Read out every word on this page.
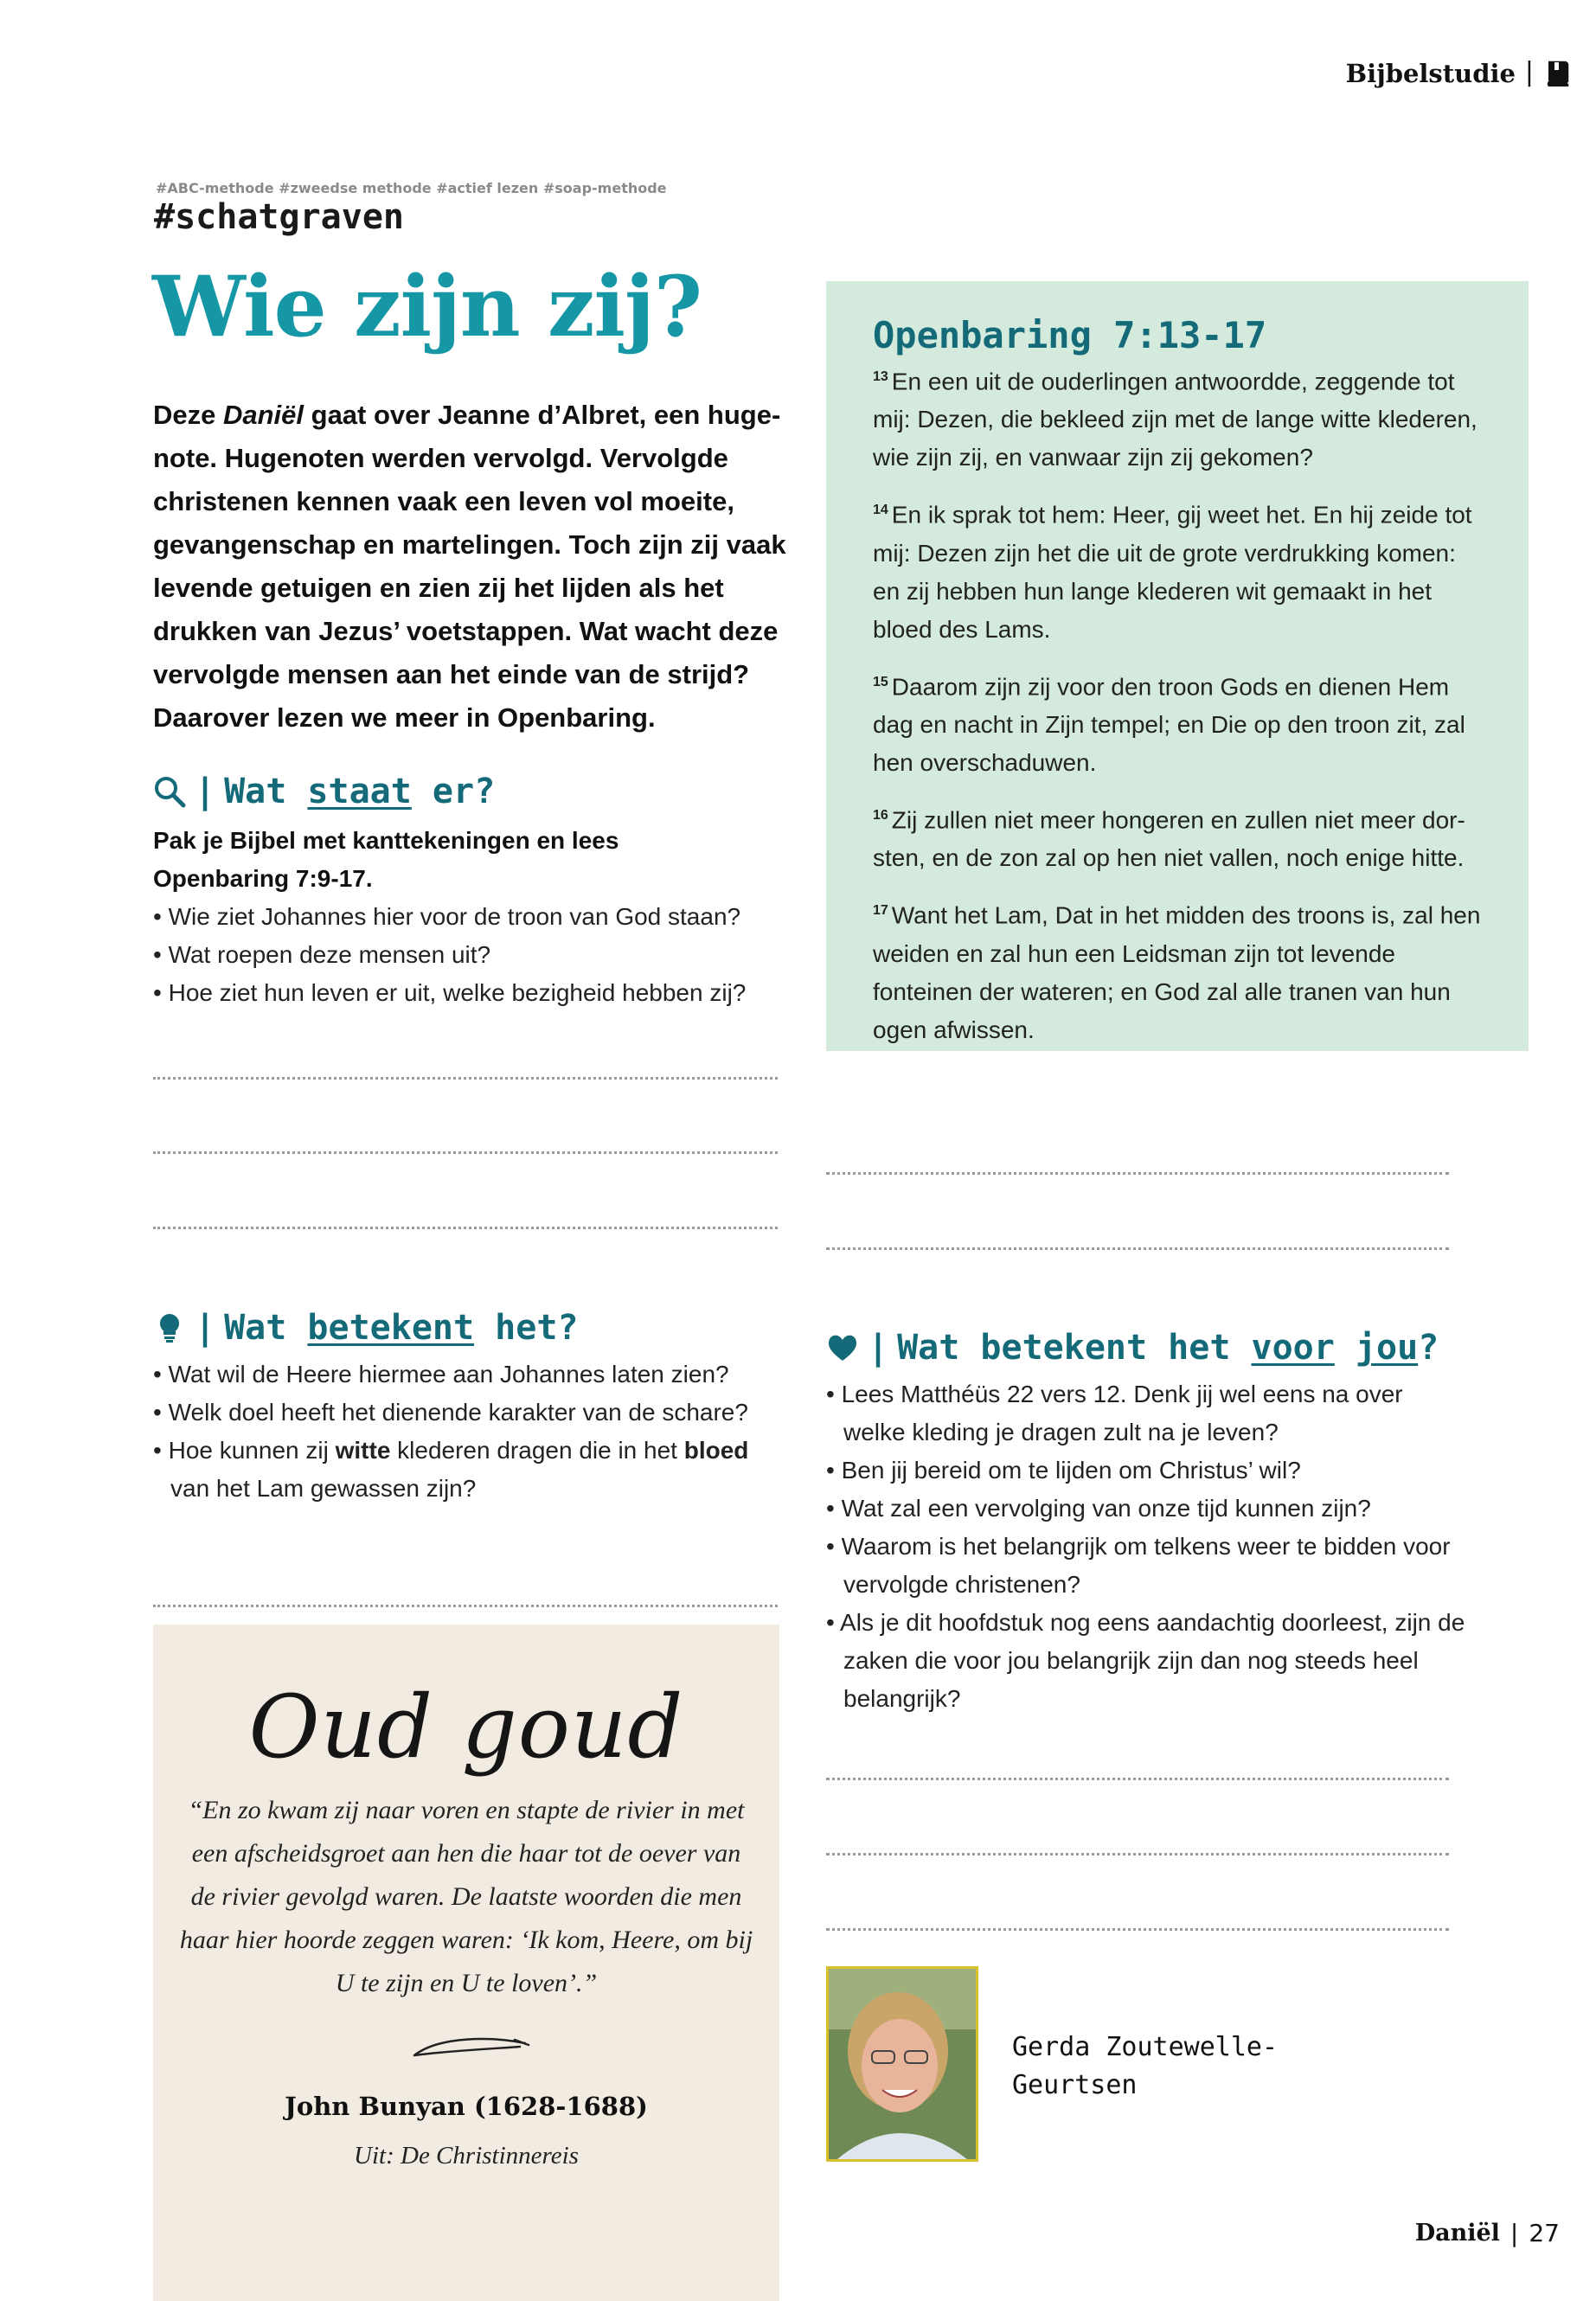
Bijbelstudie |
#ABC-methode #zweedse methode #actief lezen #soap-methode
#schatgraven
Wie zijn zij?
Deze Daniël gaat over Jeanne d’Albret, een hugenote. Hugenoten werden vervolgd. Vervolgde christenen kennen vaak een leven vol moeite, gevangenschap en martelingen. Toch zijn zij vaak levende getuigen en zien zij het lijden als het drukken van Jezus’ voetstappen. Wat wacht deze vervolgde mensen aan het einde van de strijd? Daarover lezen we meer in Openbaring.
| Wat staat er?
Pak je Bijbel met kanttekeningen en lees Openbaring 7:9-17.
• Wie ziet Johannes hier voor de troon van God staan?
• Wat roepen deze mensen uit?
• Hoe ziet hun leven er uit, welke bezigheid hebben zij?
Openbaring 7:13-17

$^{13}$ En een uit de ouderlingen antwoordde, zeggende tot mij: Dezen, die bekleed zijn met de lange witte klederen, wie zijn zij, en vanwaar zijn zij gekomen?

$^{14}$ En ik sprak tot hem: Heer, gij weet het. En hij zeide tot mij: Dezen zijn het die uit de grote verdrukking komen: en zij hebben hun lange klederen wit gemaakt in het bloed des Lams.

$^{15}$ Daarom zijn zij voor den troon Gods en dienen Hem dag en nacht in Zijn tempel; en Die op den troon zit, zal hen overschaduwen.

$^{16}$ Zij zullen niet meer hongeren en zullen niet meer dorsten, en de zon zal op hen niet vallen, noch enige hitte.

$^{17}$ Want het Lam, Dat in het midden des troons is, zal hen weiden en zal hun een Leidsman zijn tot levende fonteinen der wateren; en God zal alle tranen van hun ogen afwissen.

| Wat betekent het?
• Wat wil de Heere hiermee aan Johannes laten zien?
• Welk doel heeft het dienende karakter van de schare?
• Hoe kunnen zij witte klederen dragen die in het bloed van het Lam gewassen zijn?
Oud goud
“En zo kwam zij naar voren en stapte de rivier in met een afscheidsgroet aan hen die haar tot de oever van de rivier gevolgd waren. De laatste woorden die men haar hier hoorde zeggen waren: ‘Ik kom, Heere, om bij U te zijn en U te loven’.”
John Bunyan (1628-1688)
Uit: De Christinnereis
| Wat betekent het voor jou?
• Lees Matthéüs 22 vers 12. Denk jij wel eens na over welke kleding je dragen zult na je leven?
• Ben jij bereid om te lijden om Christus’ wil?
• Wat zal een vervolging van onze tijd kunnen zijn?
• Waarom is het belangrijk om telkens weer te bidden voor vervolgde christenen?
• Als je dit hoofdstuk nog eens aandachtig doorleest, zijn de zaken die voor jou belangrijk zijn dan nog steeds heel belangrijk?
Gerda Zoutewelle-
Geurtsen
Daniël | 27
